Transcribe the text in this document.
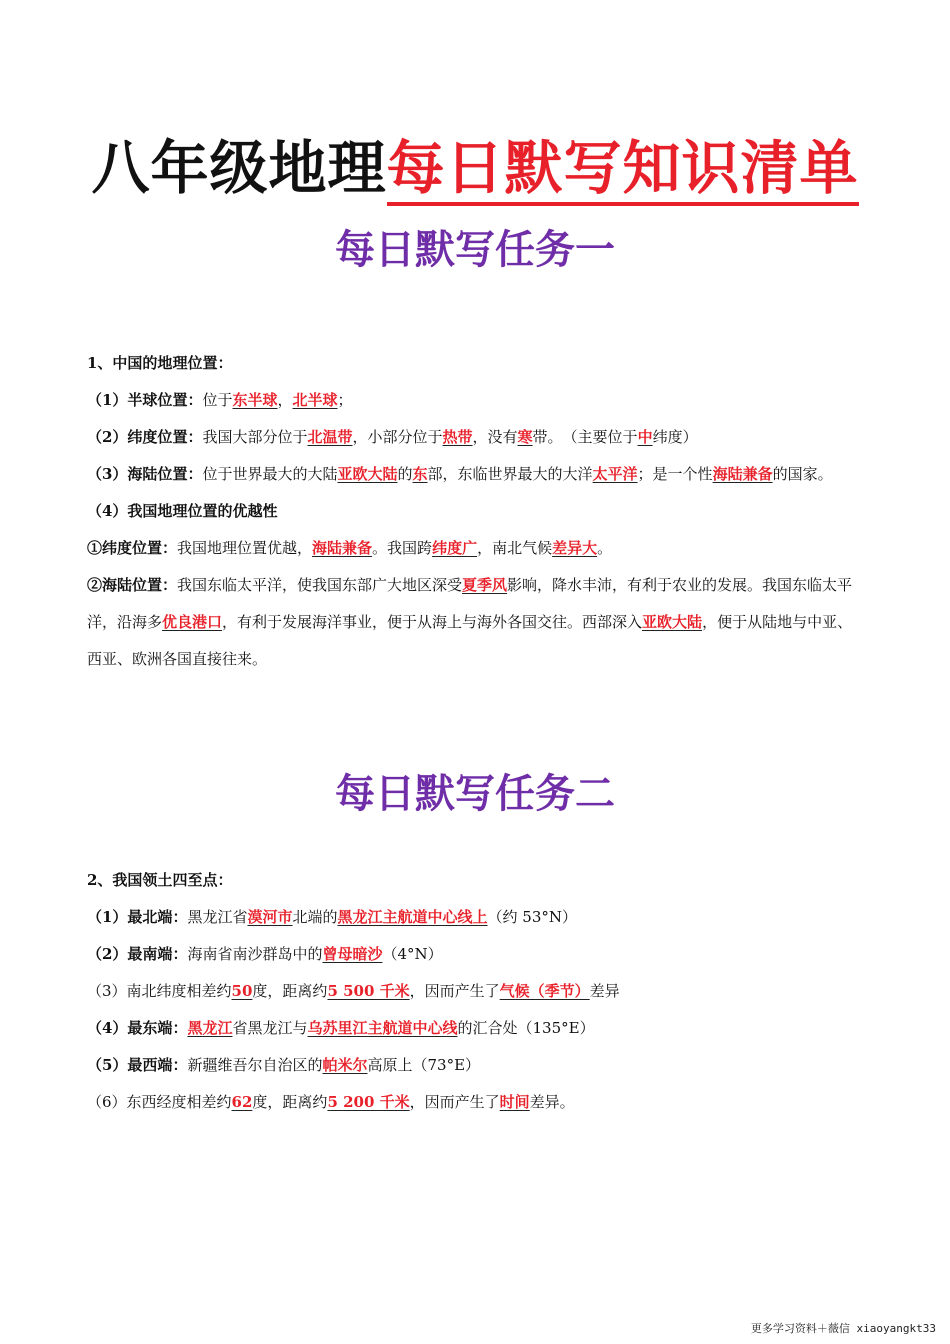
八年级地理每日默写知识清单
每日默写任务一
1、中国的地理位置：
（1）半球位置：位于东半球，北半球；
（2）纬度位置：我国大部分位于北温带，小部分位于热带，没有寒带。　（主要位于中纬度）
（3）海陆位置：位于世界最大的大陆亚欧大陆的东部，东临世界最大的大洋太平洋；是一个性海陆兼备的国家。
（4）我国地理位置的优越性
①纬度位置：我国地理位置优越，海陆兼备。我国跨纬度广，南北气候差异大。
②海陆位置：我国东临太平洋，使我国东部广大地区深受夏季风影响，降水丰沛，有利于农业的发展。我国东临太平洋，沿海多优良港口，有利于发展海洋事业，便于从海上与海外各国交往。西部深入亚欧大陆，便于从陆地与中亚、西亚、欧洲各国直接往来。
每日默写任务二
2、我国领土四至点：
（1）最北端：黑龙江省漠河市北端的黑龙江主航道中心线上（约 53°N）
（2）最南端：海南省南沙群岛中的曾母暗沙（4°N）
（3）南北纬度相差约50度，距离约5 500 千米，因而产生了气候（季节）差异
（4）最东端：黑龙江省黑龙江与乌苏里江主航道中心线的汇合处（135°E）
（5）最西端：新疆维吾尔自治区的帕米尔高原上（73°E）
（6）东西经度相差约62度，距离约5 200 千米，因而产生了时间差异。
更多学习资料＋薇信 xiaoyangkt33
